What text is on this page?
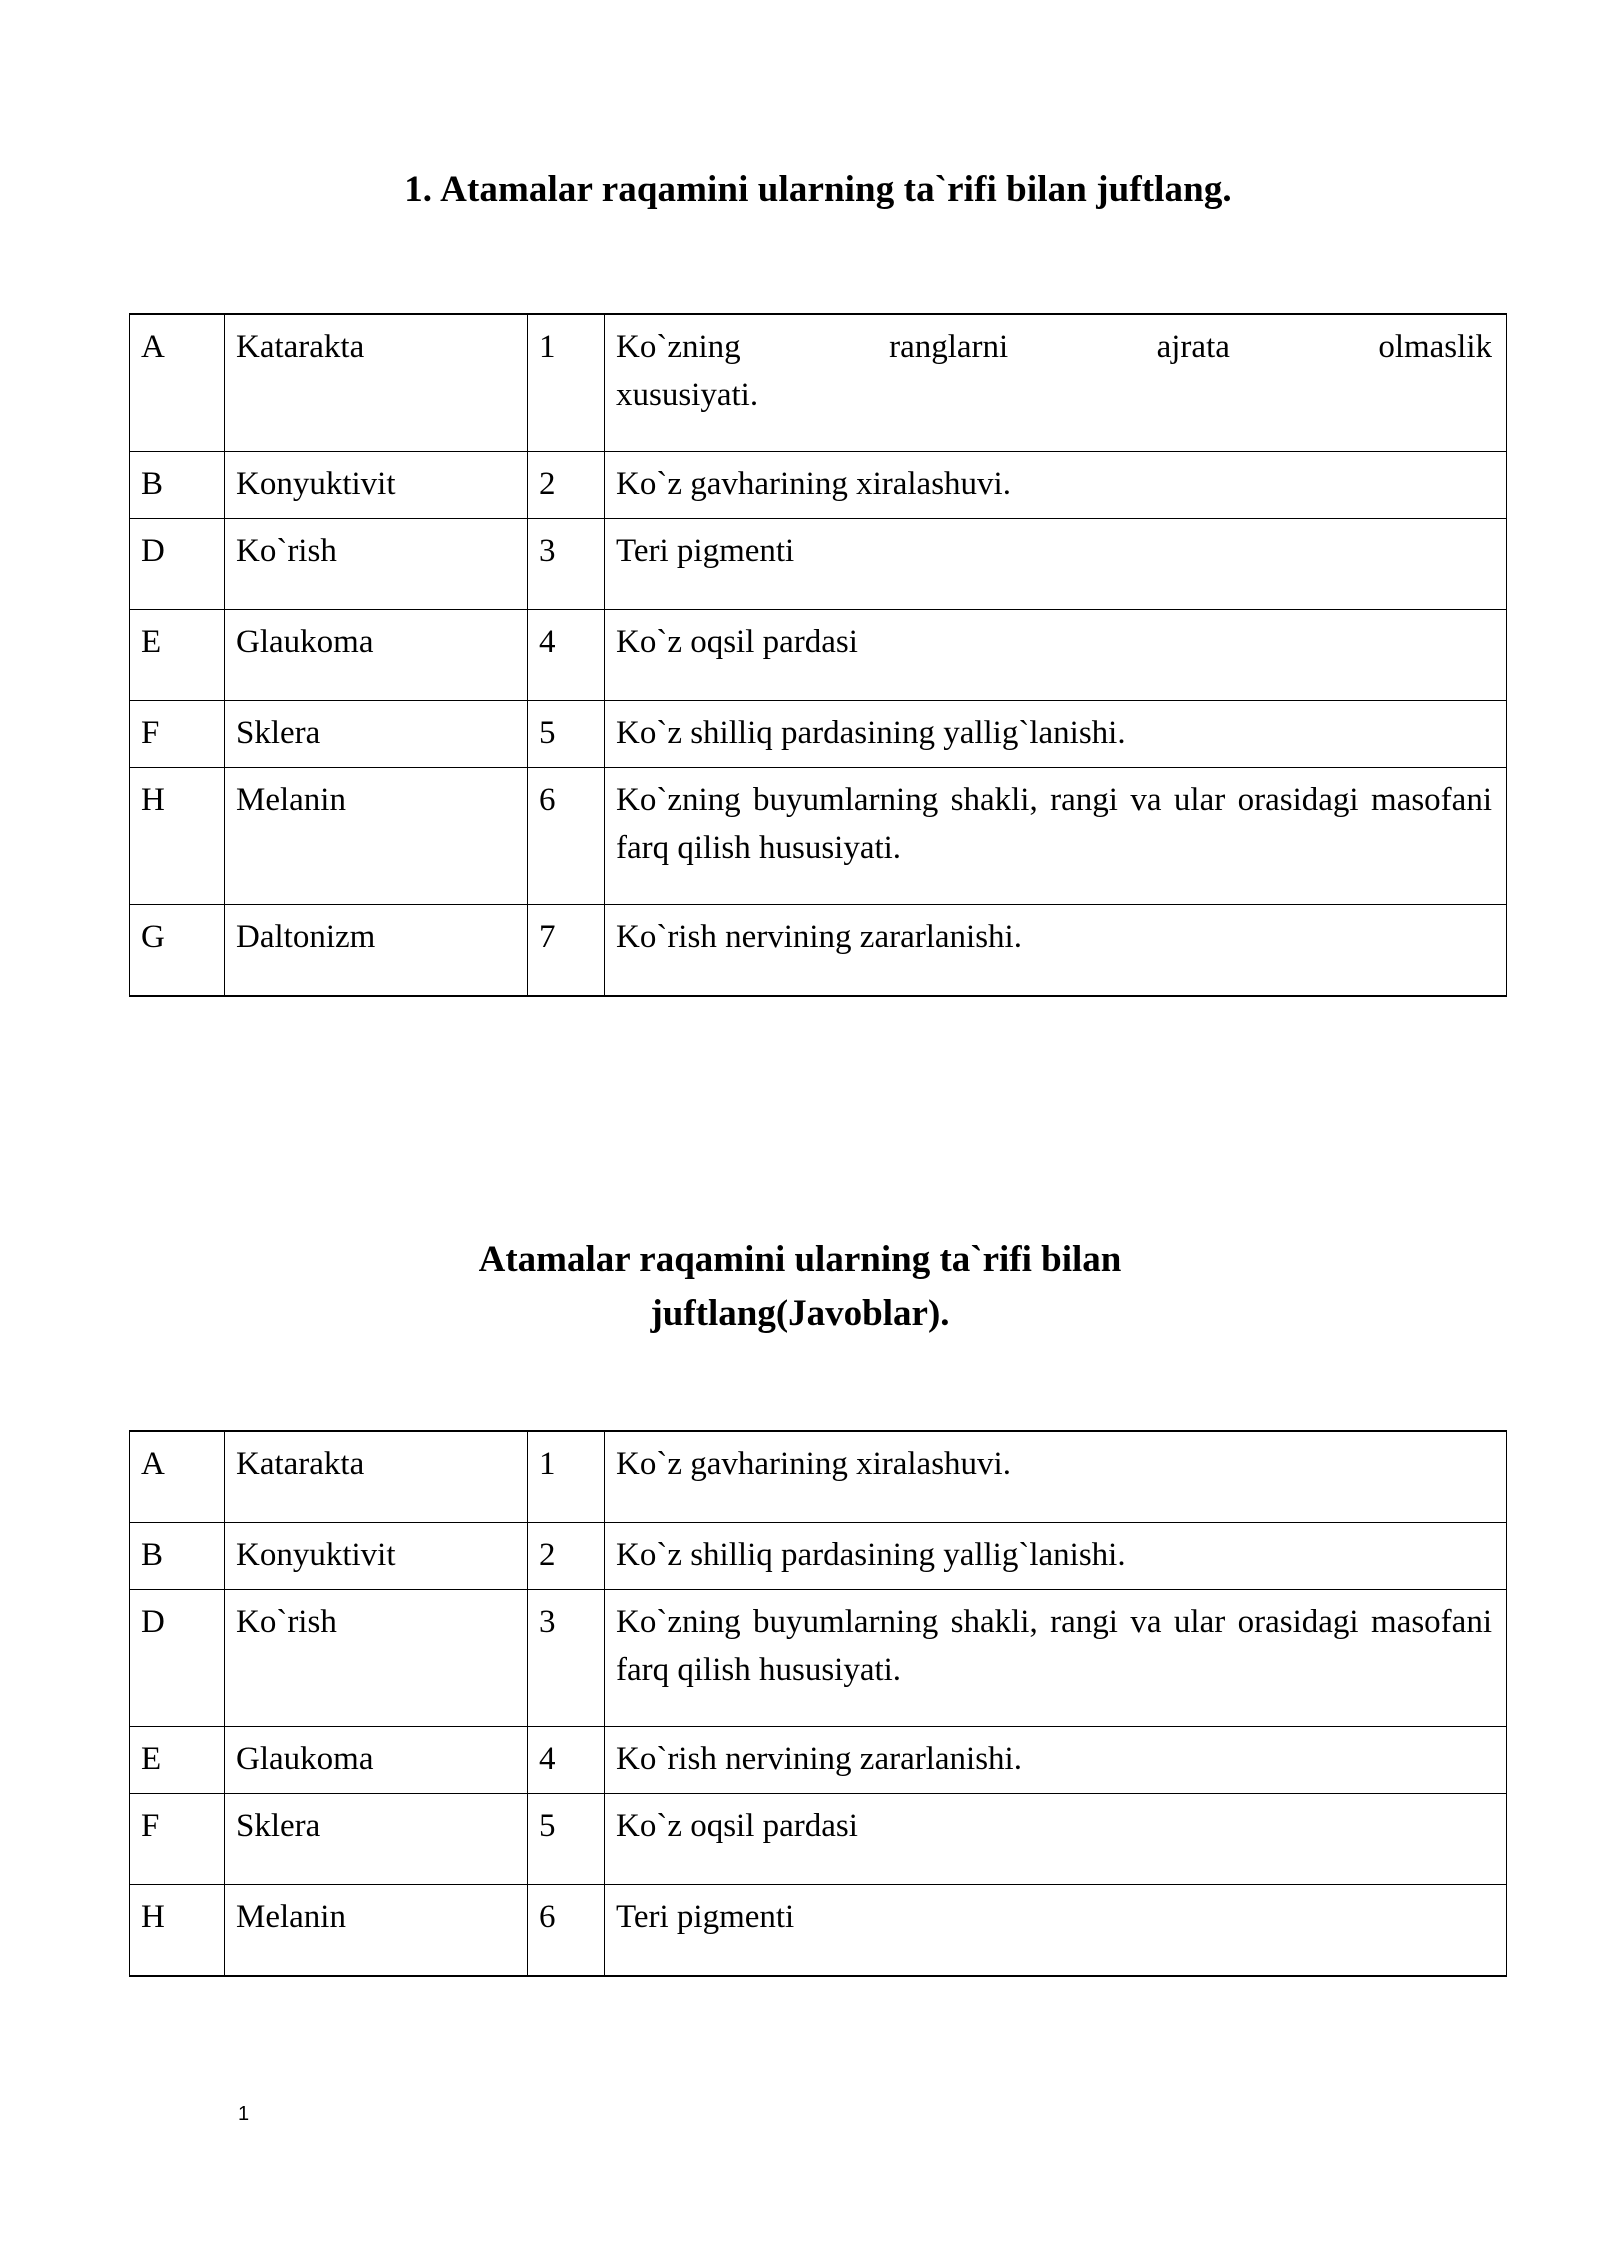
1. Atamalar raqamini ularning ta`rifi bilan juftlang.
A	Katarakta	1	Ko`zning ranglarni ajrata olmaslik
xususiyati.

B	Konyuktivit	2	Ko`z gavharining xiralashuvi.
D	Ko`rish	3	Teri pigmenti
E	Glaukoma	4	Ko`z oqsil pardasi
F	Sklera	5	Ko`z shilliq pardasining yallig`lanishi.
H	Melanin	6	Ko`zning buyumlarning shakli, rangi va ular orasidagi masofani farq qilish hususiyati.
G	Daltonizm	7	Ko`rish nervining zararlanishi.
Atamalar raqamini ularning ta`rifi bilan
juftlang(Javoblar).
A	Katarakta	1	Ko`z gavharining xiralashuvi.
B	Konyuktivit	2	Ko`z shilliq pardasining yallig`lanishi.
D	Ko`rish	3	Ko`zning buyumlarning shakli, rangi va ular orasidagi masofani farq qilish hususiyati.
E	Glaukoma	4	Ko`rish nervining zararlanishi.
F	Sklera	5	Ko`z oqsil pardasi
H	Melanin	6	Teri pigmenti
1
